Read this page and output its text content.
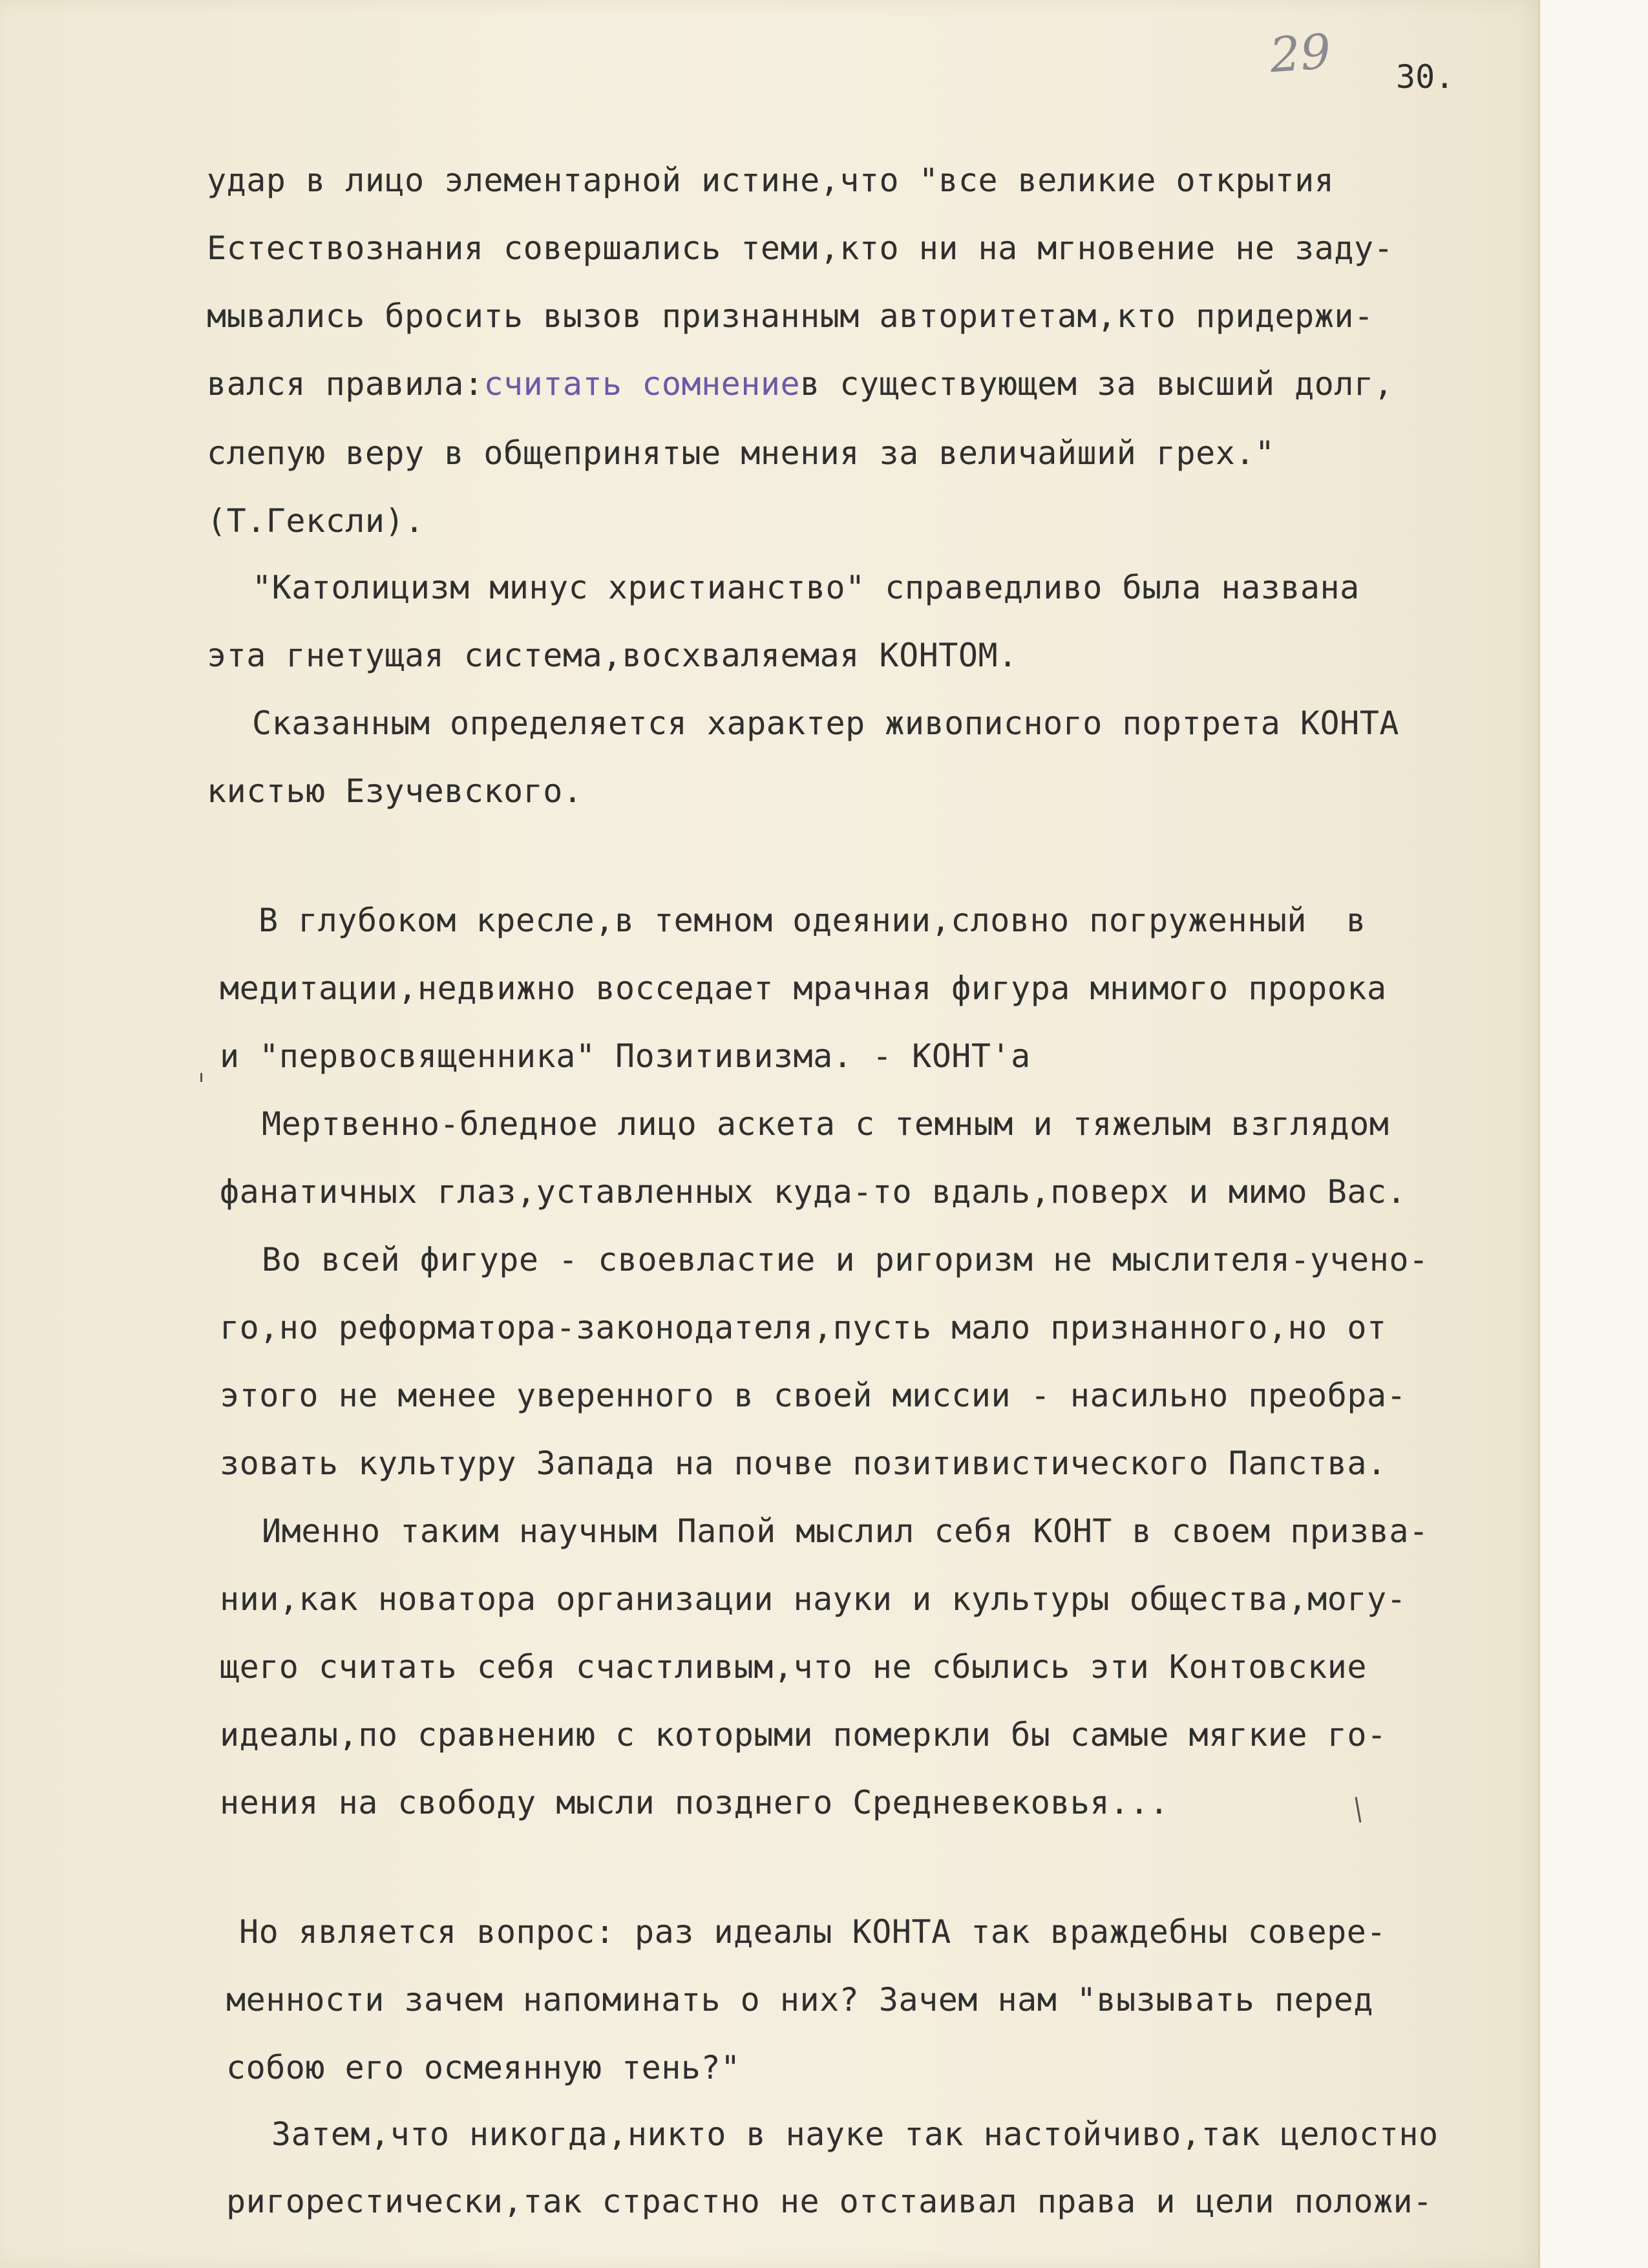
29 30.

удар в лицо элементарной истине,что "все великие открытия

Естествознания совершались теми,кто ни на мгновение не заду-

мывались бросить вызов признанным авторитетам,кто придержи-

вался правила:считать сомнениев существующем за высший долг,

слепую веру в общепринятые мнения за величайший грех."

(Т.Гексли).

"Католицизм минус христианство" справедливо была названа

эта гнетущая система,восхваляемая КОНТОМ.

Сказанным определяется характер живописного портрета КОНТА

кистью Езучевского.

В глубоком кресле,в темном одеянии,словно погруженный  в

медитации,недвижно восседает мрачная фигура мнимого пророка

и "первосвященника" Позитивизма. - КОНТ'а

Мертвенно-бледное лицо аскета с темным и тяжелым взглядом

фанатичных глаз,уставленных куда-то вдаль,поверх и мимо Вас.

Во всей фигуре - своевластие и ригоризм не мыслителя-учено-

го,но реформатора-законодателя,пусть мало признанного,но от

этого не менее уверенного в своей миссии - насильно преобра-

зовать культуру Запада на почве позитивистического Папства.

Именно таким научным Папой мыслил себя КОНТ в своем призва-

нии,как новатора организации науки и культуры общества,могу-

щего считать себя счастливым,что не сбылись эти Контовские

идеалы,по сравнению с которыми померкли бы самые мягкие го-

нения на свободу мысли позднего Средневековья...

Но является вопрос: раз идеалы КОНТА так враждебны совере-

менности зачем напоминать о них? Зачем нам "вызывать перед

собою его осмеянную тень?"

Затем,что никогда,никто в науке так настойчиво,так целостно

ригорестически,так страстно не отстаивал права и цели положи-
